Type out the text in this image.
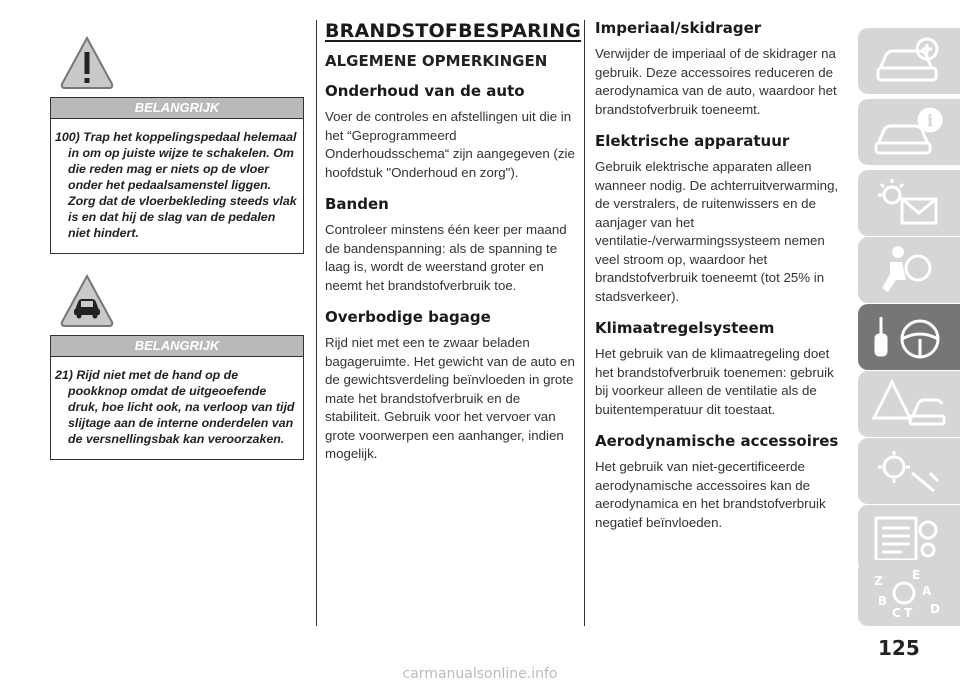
BELANGRIJK

100) Trap het koppelingspedaal helemaal in om op juiste wijze te schakelen. Om die reden mag er niets op de vloer onder het pedaalsamenstel liggen. Zorg dat de vloerbekleding steeds vlak is en dat hij de slag van de pedalen niet hindert.

BELANGRIJK

21) Rijd niet met de hand op de pookknop omdat de uitgeoefende druk, hoe licht ook, na verloop van tijd slijtage aan de interne onderdelen van de versnellingsbak kan veroorzaken.

BRANDSTOFBESPARING
ALGEMENE OPMERKINGEN
Onderhoud van de auto

Voer de controles en afstellingen uit die in het “Geprogrammeerd Onderhoudsschema“ zijn aangegeven (zie hoofdstuk "Onderhoud en zorg").

Banden

Controleer minstens één keer per maand de bandenspanning: als de spanning te laag is, wordt de weerstand groter en neemt het brandstofverbruik toe.

Overbodige bagage

Rijd niet met een te zwaar beladen bagageruimte. Het gewicht van de auto en de gewichtsverdeling beïnvloeden in grote mate het brandstofverbruik en de stabiliteit. Gebruik voor het vervoer van grote voorwerpen een aanhanger, indien mogelijk.

Imperiaal/skidrager

Verwijder de imperiaal of de skidrager na gebruik. Deze accessoires reduceren de aerodynamica van de auto, waardoor het brandstofverbruik toeneemt.

Elektrische apparatuur

Gebruik elektrische apparaten alleen wanneer nodig. De achterruitverwarming, de verstralers, de ruitenwissers en de aanjager van het ventilatie-/verwarmingssysteem nemen veel stroom op, waardoor het brandstofverbruik toeneemt (tot 25% in stadsverkeer).

Klimaatregelsysteem

Het gebruik van de klimaatregeling doet het brandstofverbruik toenemen: gebruik bij voorkeur alleen de ventilatie als de buitentemperatuur dit toestaat.

Aerodynamische accessoires

Het gebruik van niet-gecertificeerde aerodynamische accessoires kan de aerodynamica en het brandstofverbruik negatief beïnvloeden.

i
Z E
A
B
D
C T
125
carmanualsonline.info
